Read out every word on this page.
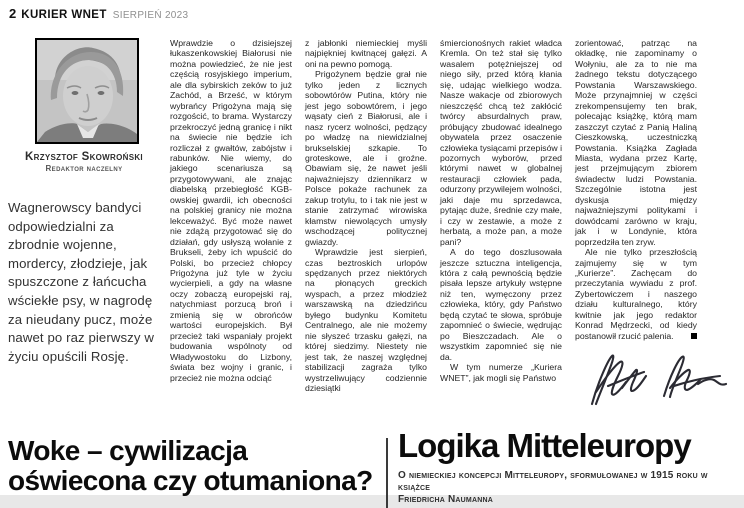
2 KURIER WNET SIERPIEŃ 2023
Krzysztof Skowroński
Redaktor naczelny
Wagnerowscy bandyci odpowiedzialni za zbrodnie wojenne, mordercy, złodzieje, jak spuszczone z łańcucha wściekłe psy, w nagrodę za nieudany pucz, może nawet po raz pierwszy w życiu opuścili Rosję.

Wprawdzie o dzisiejszej łukaszenkowskiej Białorusi nie można powiedzieć, że nie jest częścią rosyjskiego imperium, ale dla sybirskich zeków to już Zachód, a Brześć, w którym wybrańcy Prigożyna mają się rozgościć, to brama. Wystarczy przekroczyć jedną granicę i nikt na świecie nie będzie ich rozliczał z gwałtów, zabójstw i rabunków. Nie wiemy, do jakiego scenariusza są przygotowywani, ale znając diabelską przebiegłość KGB-owskiej gwardii, ich obecności na polskiej granicy nie można lekceważyć. Być może nawet nie zdążą przygotować się do działań, gdy usłyszą wołanie z Brukseli, żeby ich wpuścić do Polski, bo przecież chłopcy Prigożyna już tyle w życiu wycierpieli, a gdy na własne oczy zobaczą europejski raj, natychmiast porzucą broń i zmienią się w obrońców wartości europejskich. Był przecież taki wspaniały projekt budowania wspólnoty od Władywostoku do Lizbony, świata bez wojny i granic, i przecież nie można odciąć

z jabłonki niemieckiej myśli najpiękniej kwitnącej gałęzi. A oni na pewno pomogą.

Prigożynem będzie grał nie tylko jeden z licznych sobowtórów Putina, który nie jest jego sobowtórem, i jego wąsaty cień z Białorusi, ale i nasz rycerz wolności, pędzący po władzę na niewidzialnej brukselskiej szkapie. To groteskowe, ale i groźne. Obawiam się, że nawet jeśli najważniejszy dziennikarz w Polsce pokaże rachunek za zakup trotylu, to i tak nie jest w stanie zatrzymać wirowiska kłamstw niewolących umysły wschodzącej politycznej gwiazdy.

Wprawdzie jest sierpień, czas beztroskich urlopów spędzanych przez niektórych na płonących greckich wyspach, a przez młodzież warszawską na dziedzińcu byłego budynku Komitetu Centralnego, ale nie możemy nie słyszeć trzasku gałęzi, na której siedzimy. Niestety nie jest tak, że naszej względnej stabilizacji zagraża tylko wystrzeliwujący codziennie dziesiątki

śmiercionośnych rakiet władca Kremla. On też stał się tylko wasalem potężniejszej od niego siły, przed którą kłania się, udając wielkiego wodza. Nasze wakacje od zbiorowych nieszczęść chcą też zakłócić twórcy absurdalnych praw, próbujący zbudować idealnego obywatela przez osaczenie człowieka tysiącami przepisów i pozornych wyborów, przed którymi nawet w globalnej restauracji człowiek pada, odurzony przywilejem wolności, jaki daje mu sprzedawca, pytając duże, średnie czy małe, i czy w zestawie, a może z herbatą, a może pan, a może pani?

A do tego doszlusowała jeszcze sztuczna inteligencja, która z całą pewnością będzie pisała lepsze artykuły wstępne niż ten, wymęczony przez człowieka, który, gdy Państwo będą czytać te słowa, spróbuje zapomnieć o świecie, wędrując po Bieszczadach. Ale o wszystkim zapomnieć się nie da.

W tym numerze „Kuriera WNET”, jak mogli się Państwo

zorientować, patrząc na okładkę, nie zapominamy o Wołyniu, ale za to nie ma żadnego tekstu dotyczącego Powstania Warszawskiego. Może przynajmniej w części zrekompensujemy ten brak, polecając książkę, którą mam zaszczyt czytać z Panią Haliną Cieszkowską, uczestniczką Powstania. Książka Zagłada Miasta, wydana przez Kartę, jest przejmującym zbiorem świadectw ludzi Powstania. Szczególnie istotna jest dyskusja między najważniejszymi politykami i dowódcami zarówno w kraju, jak i w Londynie, która poprzedziła ten zryw.

Ale nie tylko przeszłością zajmujemy się w tym „Kurierze”. Zachęcam do przeczytania wywiadu z prof. Zybertowiczem i naszego działu kulturalnego, który kwitnie jak jego redaktor Konrad Mędrzecki, od kiedy postanowił rzucić palenia.

Woke – cywilizacja oświecona czy otumaniona?
Logika Mitteleuropy
O niemieckiej koncepcji Mitteleuropy, sformułowanej w 1915 roku w książce
Friedricha Naumanna
